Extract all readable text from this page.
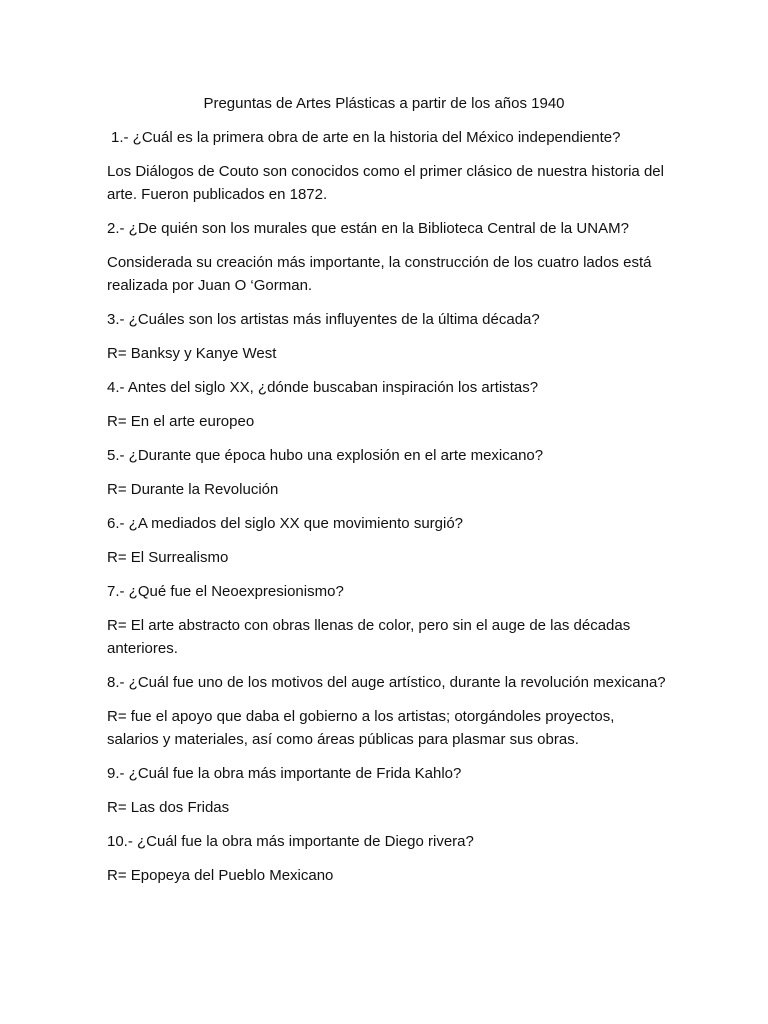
Preguntas de Artes Plásticas a partir de los años 1940

1.- ¿Cuál es la primera obra de arte en la historia del México independiente?

Los Diálogos de Couto son conocidos como el primer clásico de nuestra historia del arte. Fueron publicados en 1872.

2.- ¿De quién son los murales que están en la Biblioteca Central de la UNAM?

Considerada su creación más importante, la construcción de los cuatro lados está realizada por Juan O ‘Gorman.

3.- ¿Cuáles son los artistas más influyentes de la última década?

R= Banksy y Kanye West

4.- Antes del siglo XX, ¿dónde buscaban inspiración los artistas?

R= En el arte europeo

5.- ¿Durante que época hubo una explosión en el arte mexicano?

R= Durante la Revolución

6.- ¿A mediados del siglo XX que movimiento surgió?

R= El Surrealismo

7.- ¿Qué fue el Neoexpresionismo?

R= El arte abstracto con obras llenas de color, pero sin el auge de las décadas anteriores.

8.- ¿Cuál fue uno de los motivos del auge artístico, durante la revolución mexicana?

R= fue el apoyo que daba el gobierno a los artistas; otorgándoles proyectos, salarios y materiales, así como áreas públicas para plasmar sus obras.

9.- ¿Cuál fue la obra más importante de Frida Kahlo?

R= Las dos Fridas

10.- ¿Cuál fue la obra más importante de Diego rivera?

R= Epopeya del Pueblo Mexicano
